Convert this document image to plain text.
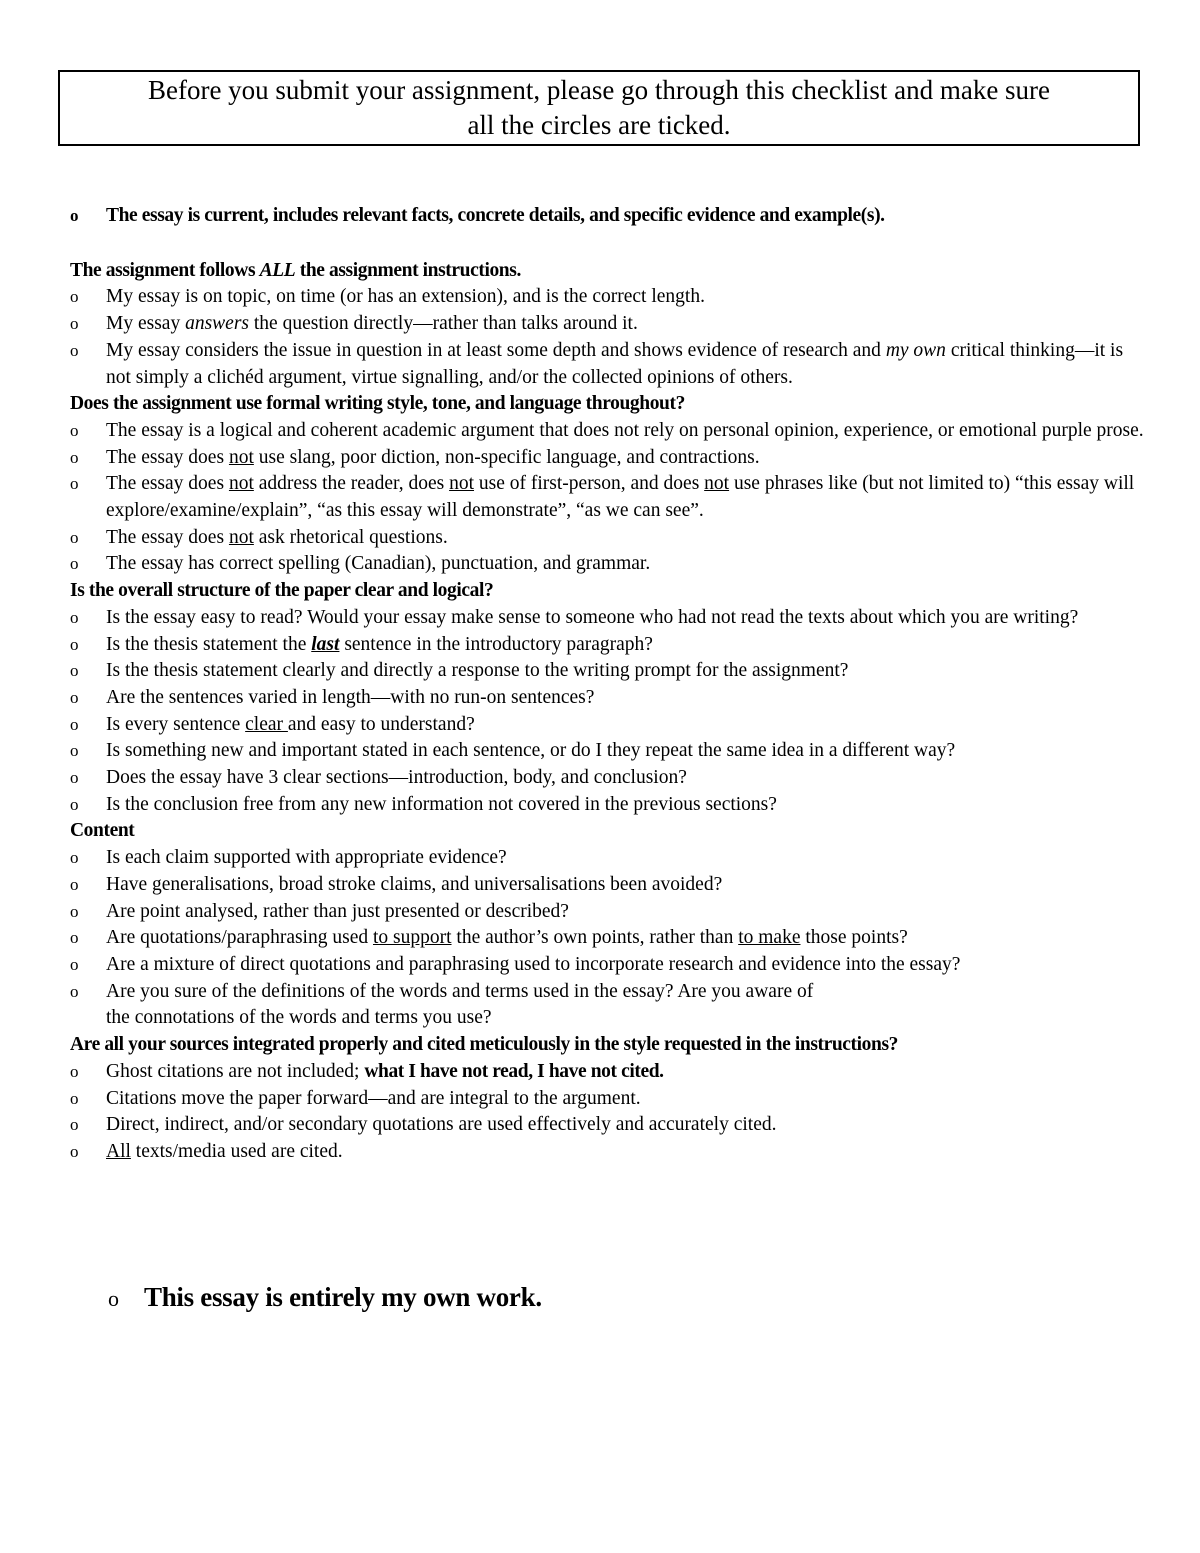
Before you submit your assignment, please go through this checklist and make sure
all the circles are ticked.
o	The essay is current, includes relevant facts, concrete details, and specific evidence and example(s).
The assignment follows ALL the assignment instructions.
o	My essay is on topic, on time (or has an extension), and is the correct length.
o	My essay answers the question directly—rather than talks around it.
o	My essay considers the issue in question in at least some depth and shows evidence of research and my own critical thinking—it is not simply a clichéd argument, virtue signalling, and/or the collected opinions of others.
Does the assignment use formal writing style, tone, and language throughout?
o	The essay is a logical and coherent academic argument that does not rely on personal opinion, experience, or emotional purple prose.
o	The essay does not use slang, poor diction, non-specific language, and contractions.
o	The essay does not address the reader, does not use of first-person, and does not use phrases like (but not limited to) “this essay will explore/examine/explain”, “as this essay will demonstrate”, “as we can see”.
o	The essay does not ask rhetorical questions.
o	The essay has correct spelling (Canadian), punctuation, and grammar.
Is the overall structure of the paper clear and logical?
o	Is the essay easy to read? Would your essay make sense to someone who had not read the texts about which you are writing?
o	Is the thesis statement the last sentence in the introductory paragraph?
o	Is the thesis statement clearly and directly a response to the writing prompt for the assignment?
o	Are the sentences varied in length—with no run-on sentences?
o	Is every sentence clear and easy to understand?
o	Is something new and important stated in each sentence, or do I they repeat the same idea in a different way?
o	Does the essay have 3 clear sections—introduction, body, and conclusion?
o	Is the conclusion free from any new information not covered in the previous sections?
Content
o	Is each claim supported with appropriate evidence?
o	Have generalisations, broad stroke claims, and universalisations been avoided?
o	Are point analysed, rather than just presented or described?
o	Are quotations/paraphrasing used to support the author’s own points, rather than to make those points?
o	Are a mixture of direct quotations and paraphrasing used to incorporate research and evidence into the essay?
o	Are you sure of the definitions of the words and terms used in the essay? Are you aware of
the connotations of the words and terms you use?
Are all your sources integrated properly and cited meticulously in the style requested in the instructions?
o	Ghost citations are not included; what I have not read, I have not cited.
o	Citations move the paper forward—and are integral to the argument.
o	Direct, indirect, and/or secondary quotations are used effectively and accurately cited.
o	All texts/media used are cited.
o This essay is entirely my own work.
